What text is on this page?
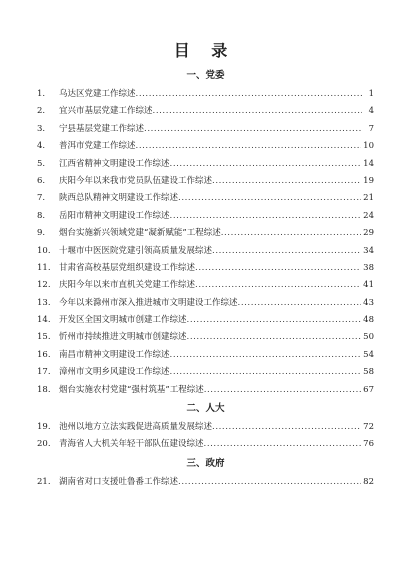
目 录
一、党委
1.	乌达区党建工作综述 .....	1
2.	宜兴市基层党建工作综述 .....	4
3.	宁县基层党建工作综述 .....	7
4.	普洱市党建工作综述 .....	10
5.	江西省精神文明建设工作综述 .....	14
6.	庆阳今年以来我市党员队伍建设工作综述 .....	19
7.	陕西总队精神文明建设工作综述 .....	21
8.	岳阳市精神文明建设工作综述 .....	24
9.	烟台实施新兴领域党建“凝新赋能”工程综述 .....	29
10. 十堰市中医医院党建引领高质量发展综述 .....	34
11. 甘肃省高校基层党组织建设工作综述 .....	38
12. 庆阳今年以来市直机关党建工作综述 .....	41
13. 今年以来滁州市深入推进城市文明建设工作综述 .....	43
14. 开发区全国文明城市创建工作综述 .....	48
15. 忻州市持续推进文明城市创建综述 .....	50
16. 南昌市精神文明建设工作综述 .....	54
17. 漳州市文明乡风建设工作综述 .....	58
18. 烟台实施农村党建“强村筑基”工程综述 .....	67
二、人大
19. 池州以地方立法实践促进高质量发展综述 .....	72
20. 青海省人大机关年轻干部队伍建设综述 .....	76
三、政府
21. 湖南省对口支援吐鲁番工作综述 .....	82
